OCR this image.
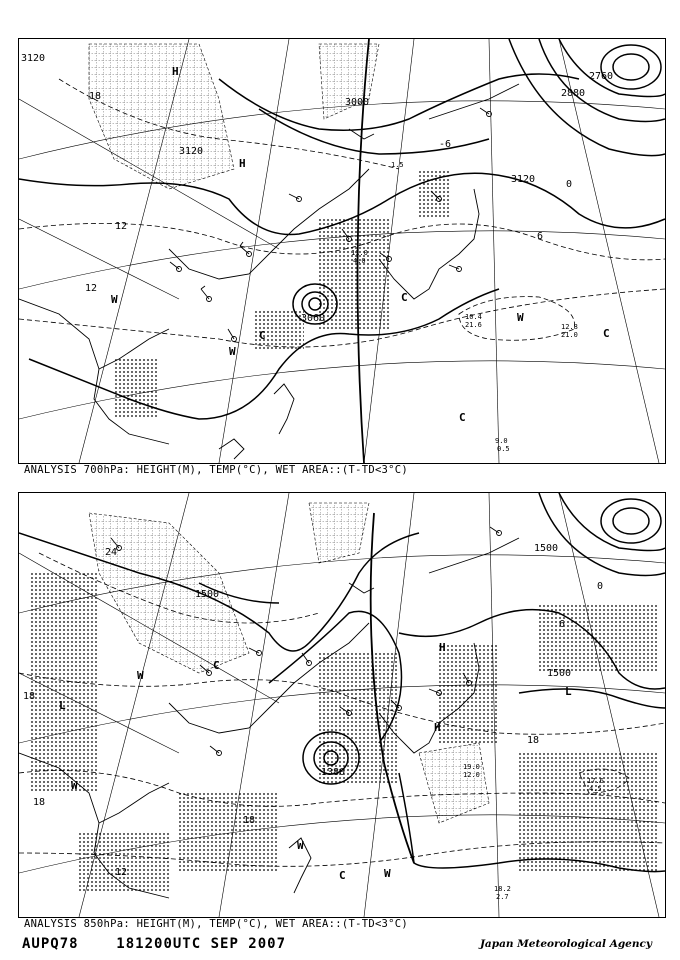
3120
3120
3120
3000
2880
2760
3060
12
12
18
6
0
-6
H
H
W
W
W
C
C
C
C
9.0
0.5
10.4
21.6	12.8
21.0
11.0
1.5
4.0
ANALYSIS 700hPa: HEIGHT(M), TEMP(°C), WET AREA::(T-TD<3°C)
1500
1500
1380
1500
24
18
18
18
18
12
6
0
H
H
L
L
W
W
W
W
C
C
17.6
4.5
18.2
2.7
19.0
12.0
ANALYSIS 850hPa: HEIGHT(M), TEMP(°C), WET AREA::(T-TD<3°C)
AUPQ78	181200UTC SEP 2007	Japan Meteorological Agency
